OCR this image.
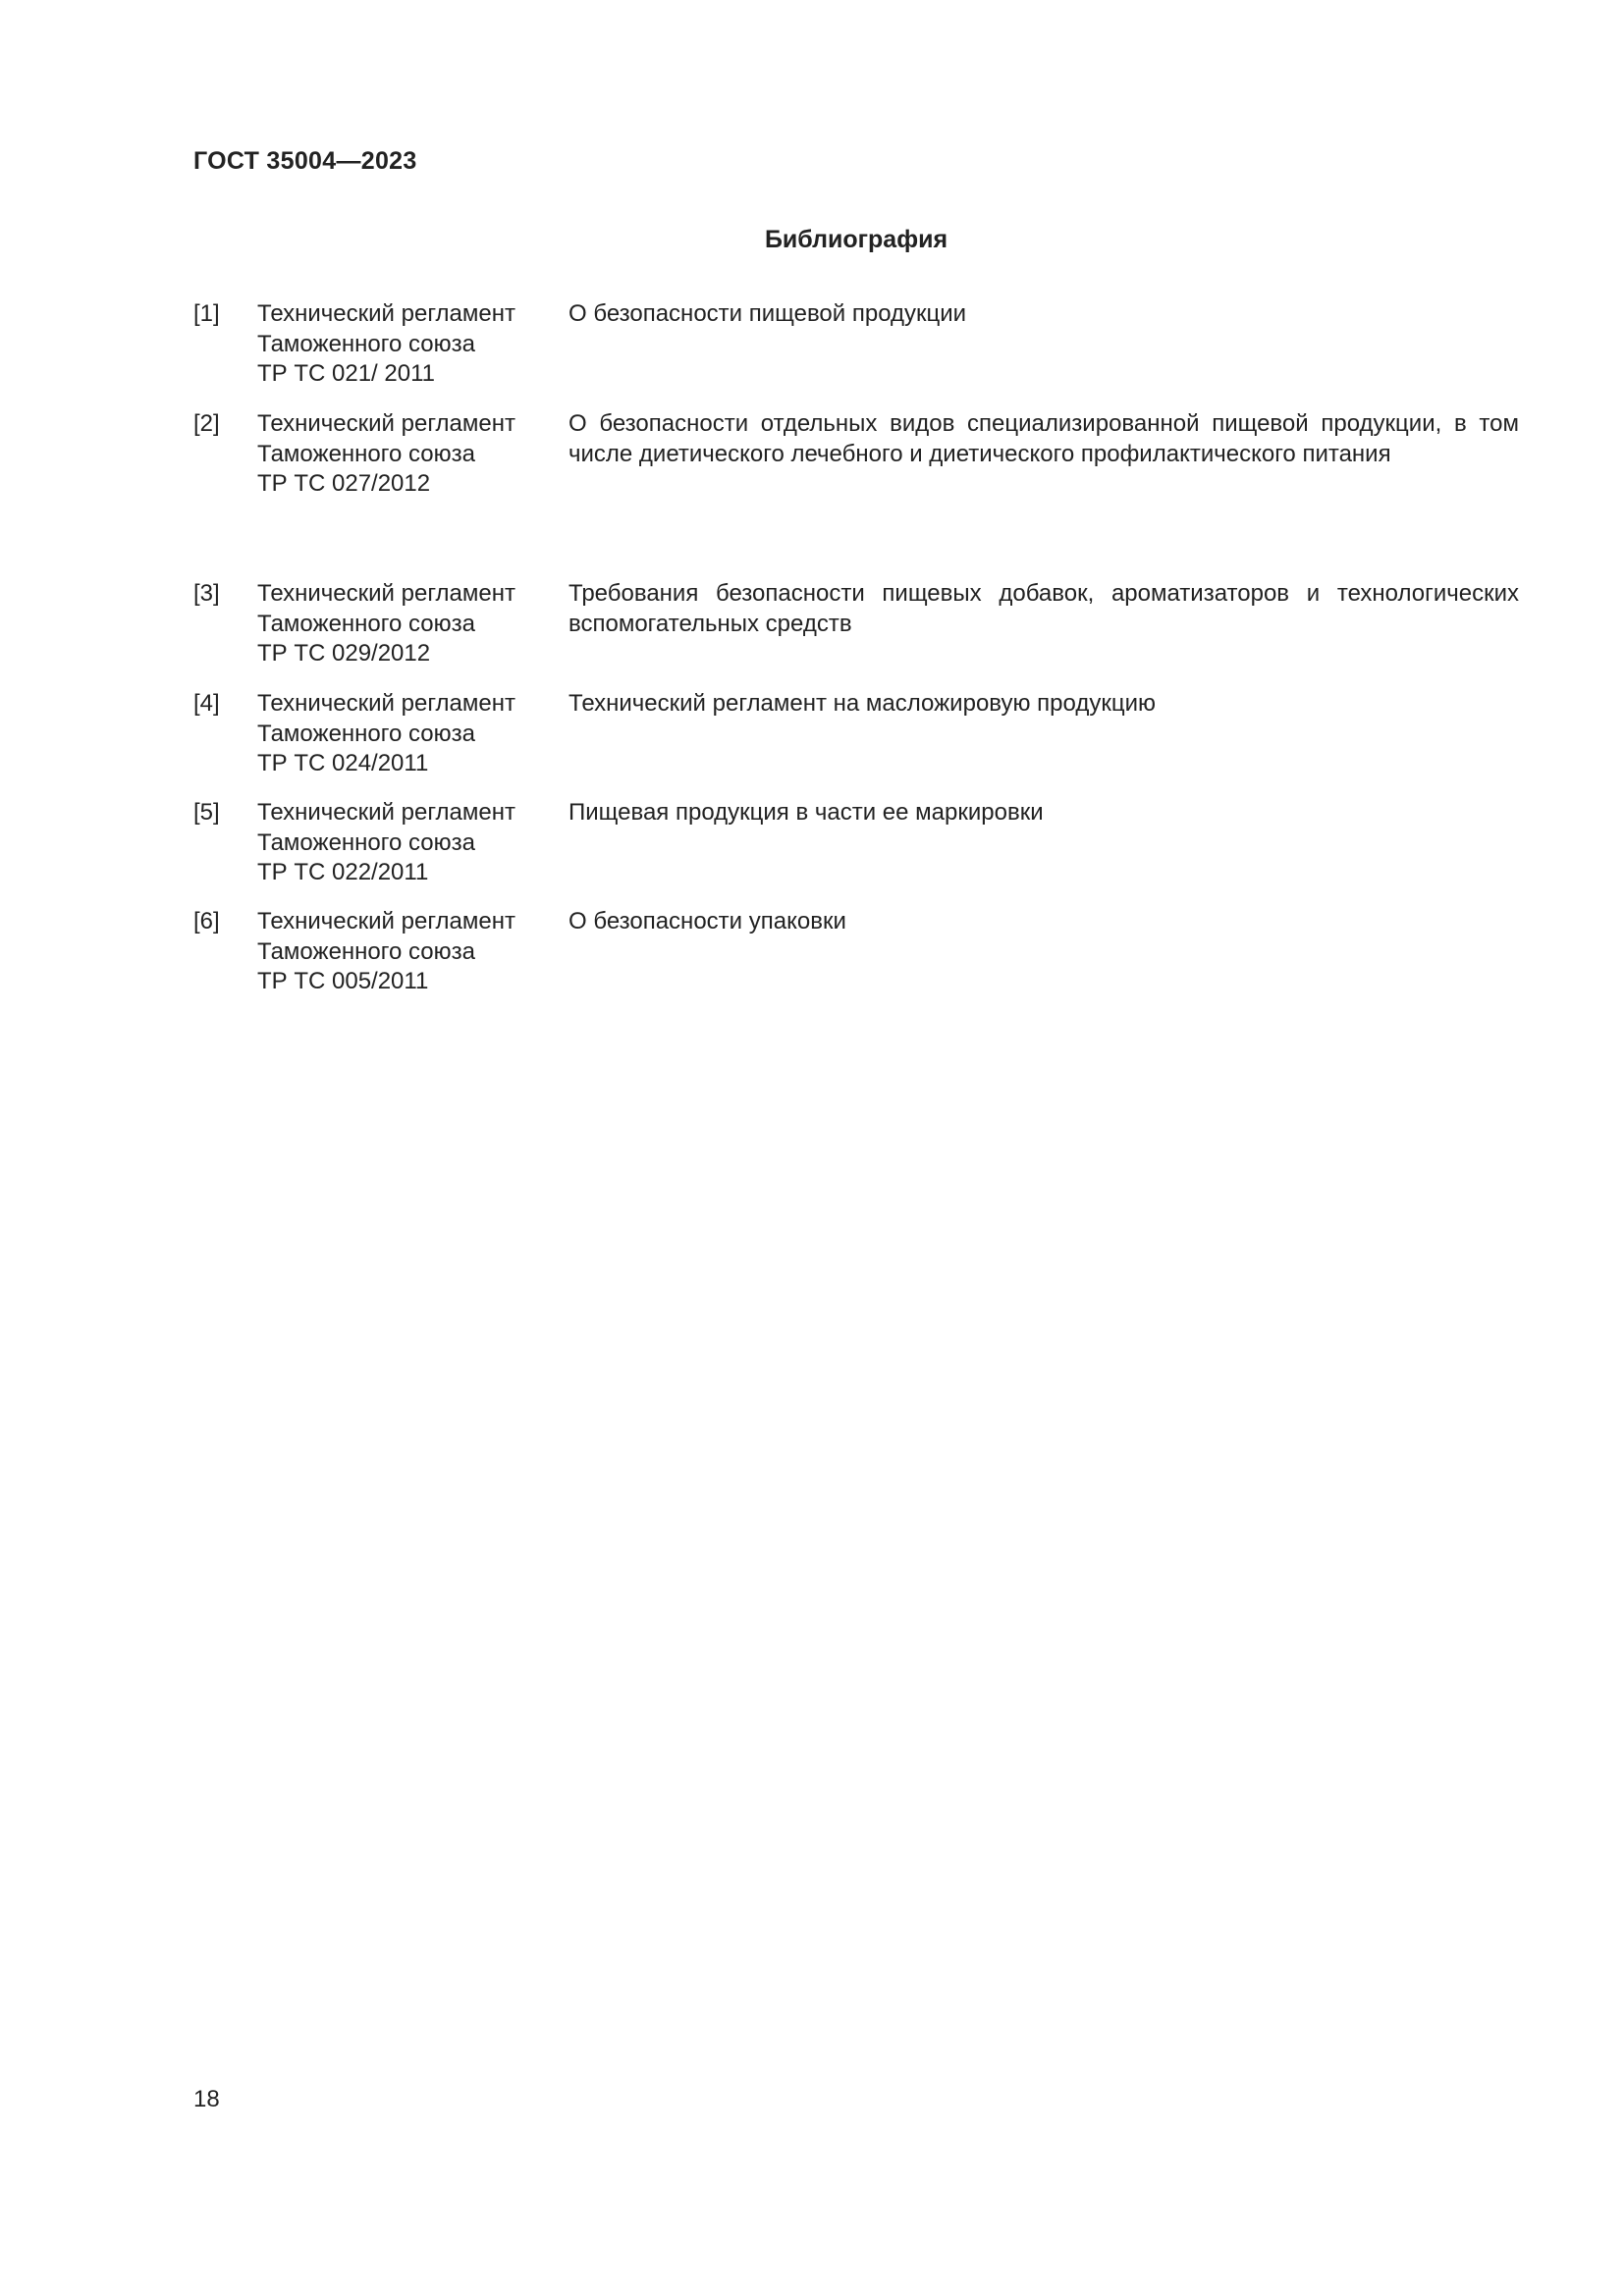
ГОСТ 35004—2023
Библиография
[1] Технический регламент
Таможенного союза
ТР ТС 021/ 2011
О безопасности пищевой продукции
[2] Технический регламент
Таможенного союза
ТР ТС 027/2012
О безопасности отдельных видов специализированной пищевой продукции, в том числе диетического лечебного и диетического профилактического питания
[3] Технический регламент
Таможенного союза
ТР ТС 029/2012
Требования безопасности пищевых добавок, ароматизаторов и технологических вспомогательных средств
[4] Технический регламент
Таможенного союза
ТР ТС 024/2011
Технический регламент на масложировую продукцию
[5] Технический регламент
Таможенного союза
ТР ТС 022/2011
Пищевая продукция в части ее маркировки
[6] Технический регламент
Таможенного союза
ТР ТС 005/2011
О безопасности упаковки
18
